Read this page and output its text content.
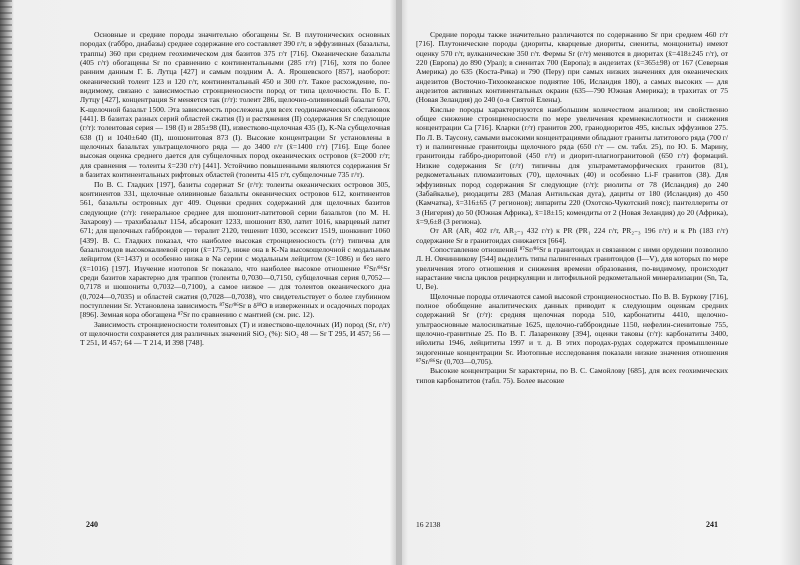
Основные и средние породы значительно обогащены Sr. В плутонических основных породах (габбро, диабазы) среднее содержание его составляет 390 г/т, в эффузивных (базальты, траппы) 360 при среднем геохимическом для базитов 375 г/т [716]. Океанические базальты (405 г/т) обогащены Sr по сравнению с континентальными (285 г/т) [716], хотя по более ранним данным Г. Б. Лутца [427] и самым поздним А. А. Ярошевского [857], наоборот: океанический толеит 123 и 120 г/т, континентальный 450 и 300 г/т. Такое расхождение, по-видимому, связано с зависимостью стронциеносности пород от типа целочности. По Б. Г. Лутцу [427], концентрация Sr меняется так (г/т): толеит 286, щелочно-оливиновый базальт 670, K-щелочной базальт 1500. Эта зависимость прослежена для всех геодинамических обстановок [441]. В базитах разных серий областей сжатия (I) и растяжения (II) содержания Sr следующие (г/т): толеитовая серия — 198 (I) и 285±98 (II), известково-щелочная 435 (I), K-Na субщелочная 638 (I) и 1040±640 (II), шошонитовая 873 (I). Высокие концентрации Sr установлены в щелочных базальтах ультращелочного ряда — до 3400 г/т (x̄=1400 г/т) [716]. Еще более высокая оценка среднего дается для субщелочных пород океанических островов (x̄=2000 г/т; для сравнения — толеиты x̄=230 г/т) [441]. Устойчиво повышенными являются содержания Sr в базитах континентальных рифтовых областей (толеиты 415 г/т, субщелочные 735 г/т).

По В. С. Гладких [197], базиты содержат Sr (г/т): толеиты океанических островов 305, континентов 331, щелочные оливиновые базальты океанических островов 612, континентов 561, базальты островных дуг 409. Оценки средних содержаний для щелочных базитов следующие (г/т): генеральное среднее для шошонит-латитовой серии базальтов (по М. Н. Захарову) — трахибазальт 1154, абсарокит 1233, шошонит 830, латит 1016, кварцевый латит 671; для щелочных габброидов — тералит 2120, тешенит 1030, эссексит 1519, шонкинит 1060 [439]. В. С. Гладких показал, что наиболее высокая стронциеносность (г/т) типична для базальтоидов высококалиевой серии (x̄=1757), ниже она в K-Na высокощелочной с модальным лейцитом (x̄=1437) и особенно низка в Na серии с модальным лейцитом (x̄=1086) и без него (x̄=1016) [197]. Изучение изотопов Sr показало, что наиболее высокое отношение ⁸⁷Sr/⁸⁶Sr среди базитов характерно для траппов (толеиты 0,7030—0,7150, субщелочная серия 0,7052—0,7178 и шошониты 0,7032—0,7100), а самое низкое — для толеитов океанического дна (0,7024—0,7035) и областей сжатия (0,7028—0,7038), что свидетельствует о более глубинном поступлении Sr. Установлена зависимость ⁸⁷Sr/⁸⁶Sr в δ¹⁸O в изверженных и осадочных породах [896]. Земная кора обогащена ⁸⁷Sr по сравнению с мантией (см. рис. 12).

Зависимость стронциеносности толеитовых (T) и известково-щелочных (И) пород (Sr, г/т) от щелочности сохраняется для различных значений SiO₂ (%): SiO₂ 48 — Sr T 295, И 457; 56 — T 251, И 457; 64 — T 214, И 398 [748].

Средние породы также значительно различаются по содержанию Sr при среднем 460 г/т [716]. Плутонические породы (диориты, кварцевые диориты, сиениты, монцониты) имеют оценку 570 г/т, вулканические 350 г/т. Фермы Sr (г/т) меняются в диоритах (x̄=418±245 г/т), от 220 (Европа) до 890 (Урал); в сиенитах 700 (Европа); в андезитах (x̄=365±98) от 167 (Северная Америка) до 635 (Коста-Рика) и 790 (Перу) при самых низких значениях для океанических андезитов (Восточно-Тихоокеанское поднятие 106, Исландия 180), а самых высоких — для андезитов активных континентальных окраин (635—790 Южная Америка); в трахитах от 75 (Новая Зеландия) до 240 (о-в Святой Елены).

Кислые породы характеризуются наибольшим количеством анализов; им свойственно общее снижение стронциеносности по мере увеличения кремнекислотности и снижения концентрации Ca [716]. Кларки (г/т) гранитов 200, гранодиоритов 495, кислых эффузивов 275. По Л. В. Таусону, самыми высокими концентрациями обладают граниты латитового ряда (700 г/т) и палингенные гранитоиды щелочного ряда (650 г/т — см. табл. 25), по Ю. Б. Марину, гранитоиды габбро-диоритовой (450 г/т) и диорит-плагиогранитовой (650 г/т) формаций. Низкие содержания Sr (г/т) типичны для ультраметаморфических гранитов (81), редкометальных плюмазитовых (70), щелочных (40) и особенно Li-F гранитов (38). Для эффузивных пород содержания Sr следующие (г/т): риолиты от 78 (Исландия) до 240 (Забайкалье), риодациты 283 (Малая Антильская дуга), дациты от 180 (Исландия) до 450 (Камчатка), x̄=316±65 (7 регионов); липариты 220 (Охотско-Чукотский пояс); пантеллериты от 3 (Нигерия) до 50 (Южная Африка), x̄=18±15; комендиты от 2 (Новая Зеландия) до 20 (Африка), x̄=9,6±8 (3 региона).

От AR (AR₁ 402 г/т, AR₂₋₃ 432 г/т) к PR (PR₁ 224 г/т, PR₂₋₃ 196 г/т) и к Ph (183 г/т) содержание Sr в гранитоидах снижается [664].

Сопоставление отношений ⁸⁷Sr/⁸⁶Sr в гранитоидах и связанном с ними орудении позволило Л. Н. Овчинникову [544] выделить типы палингенных гранитоидов (I—V), для которых по мере увеличения этого отношения и снижения времени образования, по-видимому, происходит нарастание числа циклов рециркуляции и литофильной редкометальной минерализации (Sn, Ta, U, Be).

Щелочные породы отличаются самой высокой стронциеносностью. По В. В. Буркову [716], полное обобщение аналитических данных приводит к следующим оценкам средних содержаний Sr (г/т): средняя щелочная порода 510, карбонатиты 4410, щелочно-ультраосновные малосилкатные 1625, щелочно-габброидные 1150, нефелин-сиенитовые 755, щелочно-гранитные 25. По В. Г. Лазаренкову [394], оценки таковы (г/т): карбонатиты 3400, ийолиты 1946, лейцититы 1997 и т. д. В этих породах-рудах содержатся промышленные эндогенные концентрации Sr. Изотопные исследования показали низкие значения отношения ⁸⁷Sr/⁸⁶Sr (0,703—0,705).

Высокие концентрации Sr характерны, по В. С. Самойлову [685], для всех геохимических типов карбонатитов (табл. 75). Более высокие

240	16 2138	241
